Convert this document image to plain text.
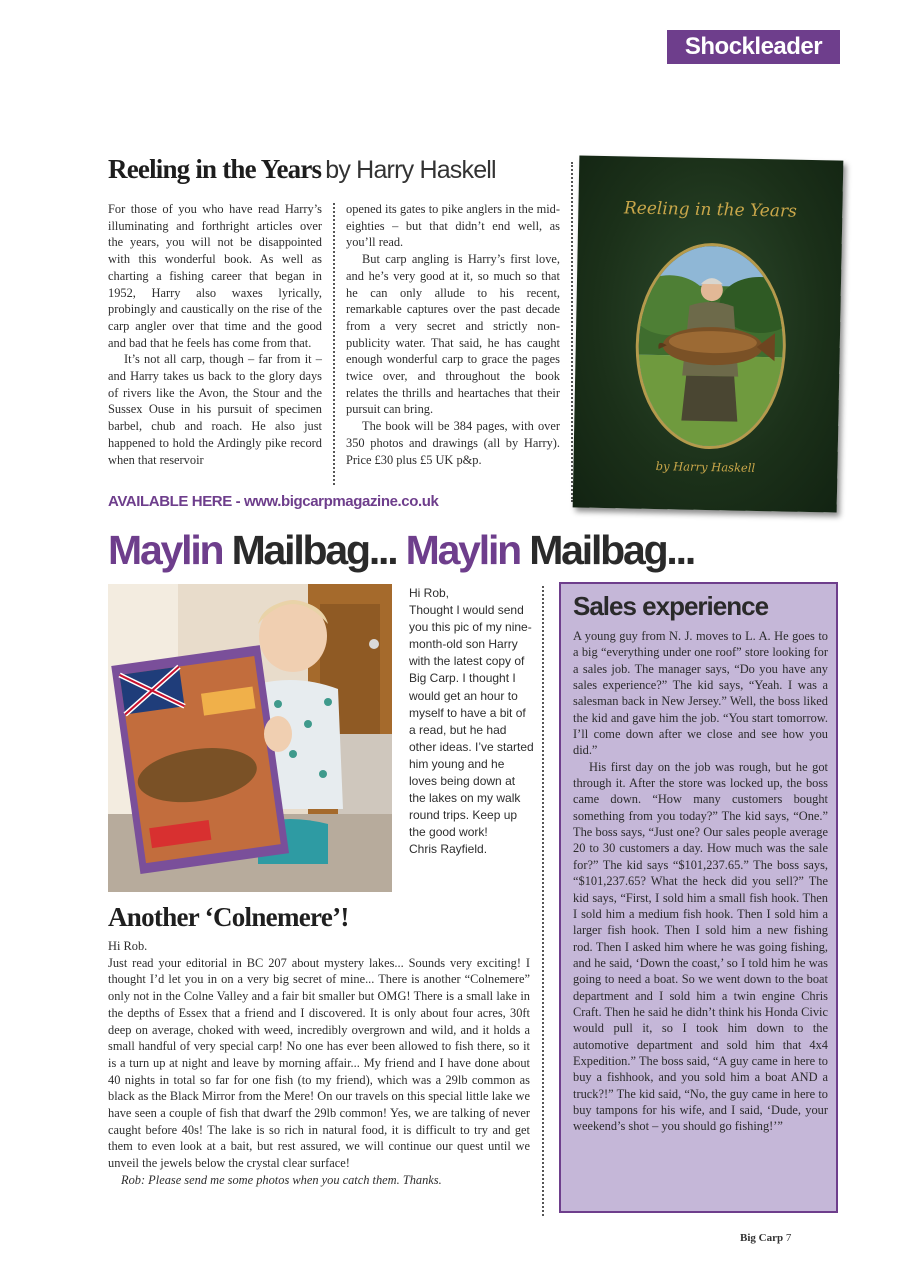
Shockleader
Reeling in the Years by Harry Haskell

For those of you who have read Harry’s illuminating and forthright articles over the years, you will not be disappointed with this wonderful book. As well as charting a fishing career that began in 1952, Harry also waxes lyrically, probingly and caustically on the rise of the carp angler over that time and the good and bad that he feels has come from that.

It’s not all carp, though – far from it – and Harry takes us back to the glory days of rivers like the Avon, the Stour and the Sussex Ouse in his pursuit of specimen barbel, chub and roach. He also just happened to hold the Ardingly pike record when that reservoir

opened its gates to pike anglers in the mid-eighties – but that didn’t end well, as you’ll read.

But carp angling is Harry’s first love, and he’s very good at it, so much so that he can only allude to his recent, remarkable captures over the past decade from a very secret and strictly non-publicity water. That said, he has caught enough wonderful carp to grace the pages twice over, and throughout the book relates the thrills and heartaches that their pursuit can bring.

The book will be 384 pages, with over 350 photos and drawings (all by Harry). Price £30 plus £5 UK p&p.

AVAILABLE HERE - www.bigcarpmagazine.co.uk
Reeling in the Years
by Harry Haskell
Maylin Mailbag... Maylin Mailbag...
Hi Rob,
Thought I would send you this pic of my nine-month-old son Harry with the latest copy of Big Carp. I thought I would get an hour to myself to have a bit of a read, but he had other ideas. I’ve started him young and he loves being down at the lakes on my walk round trips. Keep up the good work!
Chris Rayfield.
Another ‘Colnemere’!

Hi Rob.

Just read your editorial in BC 207 about mystery lakes... Sounds very exciting! I thought I’d let you in on a very big secret of mine... There is another “Colnemere” only not in the Colne Valley and a fair bit smaller but OMG! There is a small lake in the depths of Essex that a friend and I discovered. It is only about four acres, 30ft deep on average, choked with weed, incredibly overgrown and wild, and it holds a small handful of very special carp! No one has ever been allowed to fish there, so it is a turn up at night and leave by morning affair... My friend and I have done about 40 nights in total so far for one fish (to my friend), which was a 29lb common as black as the Black Mirror from the Mere! On our travels on this special little lake we have seen a couple of fish that dwarf the 29lb common! Yes, we are talking of never caught before 40s! The lake is so rich in natural food, it is difficult to try and get them to even look at a bait, but rest assured, we will continue our quest until we unveil the jewels below the crystal clear surface!

Rob: Please send me some photos when you catch them. Thanks.

Sales experience

A young guy from N. J. moves to L. A. He goes to a big “everything under one roof” store looking for a sales job. The manager says, “Do you have any sales experience?” The kid says, “Yeah. I was a salesman back in New Jersey.” Well, the boss liked the kid and gave him the job. “You start tomorrow. I’ll come down after we close and see how you did.”

His first day on the job was rough, but he got through it. After the store was locked up, the boss came down. “How many customers bought something from you today?” The kid says, “One.” The boss says, “Just one? Our sales people average 20 to 30 customers a day. How much was the sale for?” The kid says “$101,237.65.” The boss says, “$101,237.65? What the heck did you sell?” The kid says, “First, I sold him a small fish hook. Then I sold him a medium fish hook. Then I sold him a larger fish hook. Then I sold him a new fishing rod. Then I asked him where he was going fishing, and he said, ‘Down the coast,’ so I told him he was going to need a boat. So we went down to the boat department and I sold him a twin engine Chris Craft. Then he said he didn’t think his Honda Civic would pull it, so I took him down to the automotive department and sold him that 4x4 Expedition.” The boss said, “A guy came in here to buy a fishhook, and you sold him a boat AND a truck?!” The kid said, “No, the guy came in here to buy tampons for his wife, and I said, ‘Dude, your weekend’s shot – you should go fishing!’”

Big Carp 7
